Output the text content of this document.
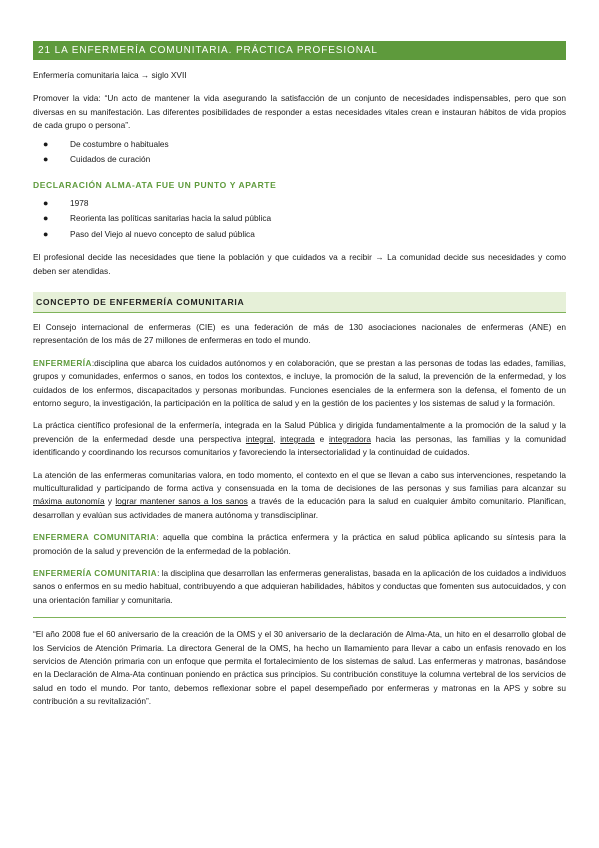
21 LA ENFERMERÍA COMUNITARIA. PRÁCTICA PROFESIONAL

Enfermería comunitaria laica → siglo XVII

Promover la vida: “Un acto de mantener la vida asegurando la satisfacción de un conjunto de necesidades indispensables, pero que son diversas en su manifestación. Las diferentes posibilidades de responder a estas necesidades vitales crean e instauran hábitos de vida propios de cada grupo o persona”.

●	De costumbre o habituales
●	Cuidados de curación
DECLARACIÓN ALMA-ATA FUE UN PUNTO Y APARTE
●	1978
●	Reorienta las políticas sanitarias hacia la salud pública
●	Paso del Viejo al nuevo concepto de salud pública

El profesional decide las necesidades que tiene la población y que cuidados va a recibir → La comunidad decide sus necesidades y como deben ser atendidas.

CONCEPTO DE ENFERMERÍA COMUNITARIA

El Consejo internacional de enfermeras (CIE) es una federación de más de 130 asociaciones nacionales de enfermeras (ANE) en representación de los más de 27 millones de enfermeras en todo el mundo.

ENFERMERÍA:disciplina que abarca los cuidados autónomos y en colaboración, que se prestan a las personas de todas las edades, familias, grupos y comunidades, enfermos o sanos, en todos los contextos, e incluye, la promoción de la salud, la prevención de la enfermedad, y los cuidados de los enfermos, discapacitados y personas moribundas. Funciones esenciales de la enfermera son la defensa, el fomento de un entorno seguro, la investigación, la participación en la política de salud y en la gestión de los pacientes y los sistemas de salud y la formación.

La práctica científico profesional de la enfermería, integrada en la Salud Pública y dirigida fundamentalmente a la promoción de la salud y la prevención de la enfermedad desde una perspectiva integral, integrada e integradora hacia las personas, las familias y la comunidad identificando y coordinando los recursos comunitarios y favoreciendo la intersectorialidad y la continuidad de cuidados.

La atención de las enfermeras comunitarias valora, en todo momento, el contexto en el que se llevan a cabo sus intervenciones, respetando la multiculturalidad y participando de forma activa y consensuada en la toma de decisiones de las personas y sus familias para alcanzar su máxima autonomía y lograr mantener sanos a los sanos a través de la educación para la salud en cualquier ámbito comunitario. Planifican, desarrollan y evalúan sus actividades de manera autónoma y transdisciplinar.

ENFERMERA COMUNITARIA: aquella que combina la práctica enfermera y la práctica en salud pública aplicando su síntesis para la promoción de la salud y prevención de la enfermedad de la población.

ENFERMERÍA COMUNITARIA: la disciplina que desarrollan las enfermeras generalistas, basada en la aplicación de los cuidados a individuos sanos o enfermos en su medio habitual, contribuyendo a que adquieran habilidades, hábitos y conductas que fomenten sus autocuidados, y con una orientación familiar y comunitaria.

“El año 2008 fue el 60 aniversario de la creación de la OMS y el 30 aniversario de la declaración de Alma-Ata, un hito en el desarrollo global de los Servicios de Atención Primaria. La directora General de la OMS, ha hecho un llamamiento para llevar a cabo un enfasis renovado en los servicios de Atención primaria con un enfoque que permita el fortalecimiento de los sistemas de salud. Las enfermeras y matronas, basándose en la Declaración de Alma-Ata continuan poniendo en práctica sus principios. Su contribución constituye la columna vertebral de los servicios de salud en todo el mundo. Por tanto, debemos reflexionar sobre el papel desempeñado por enfermeras y matronas en la APS y sobre su contribución a su revitalización”.
